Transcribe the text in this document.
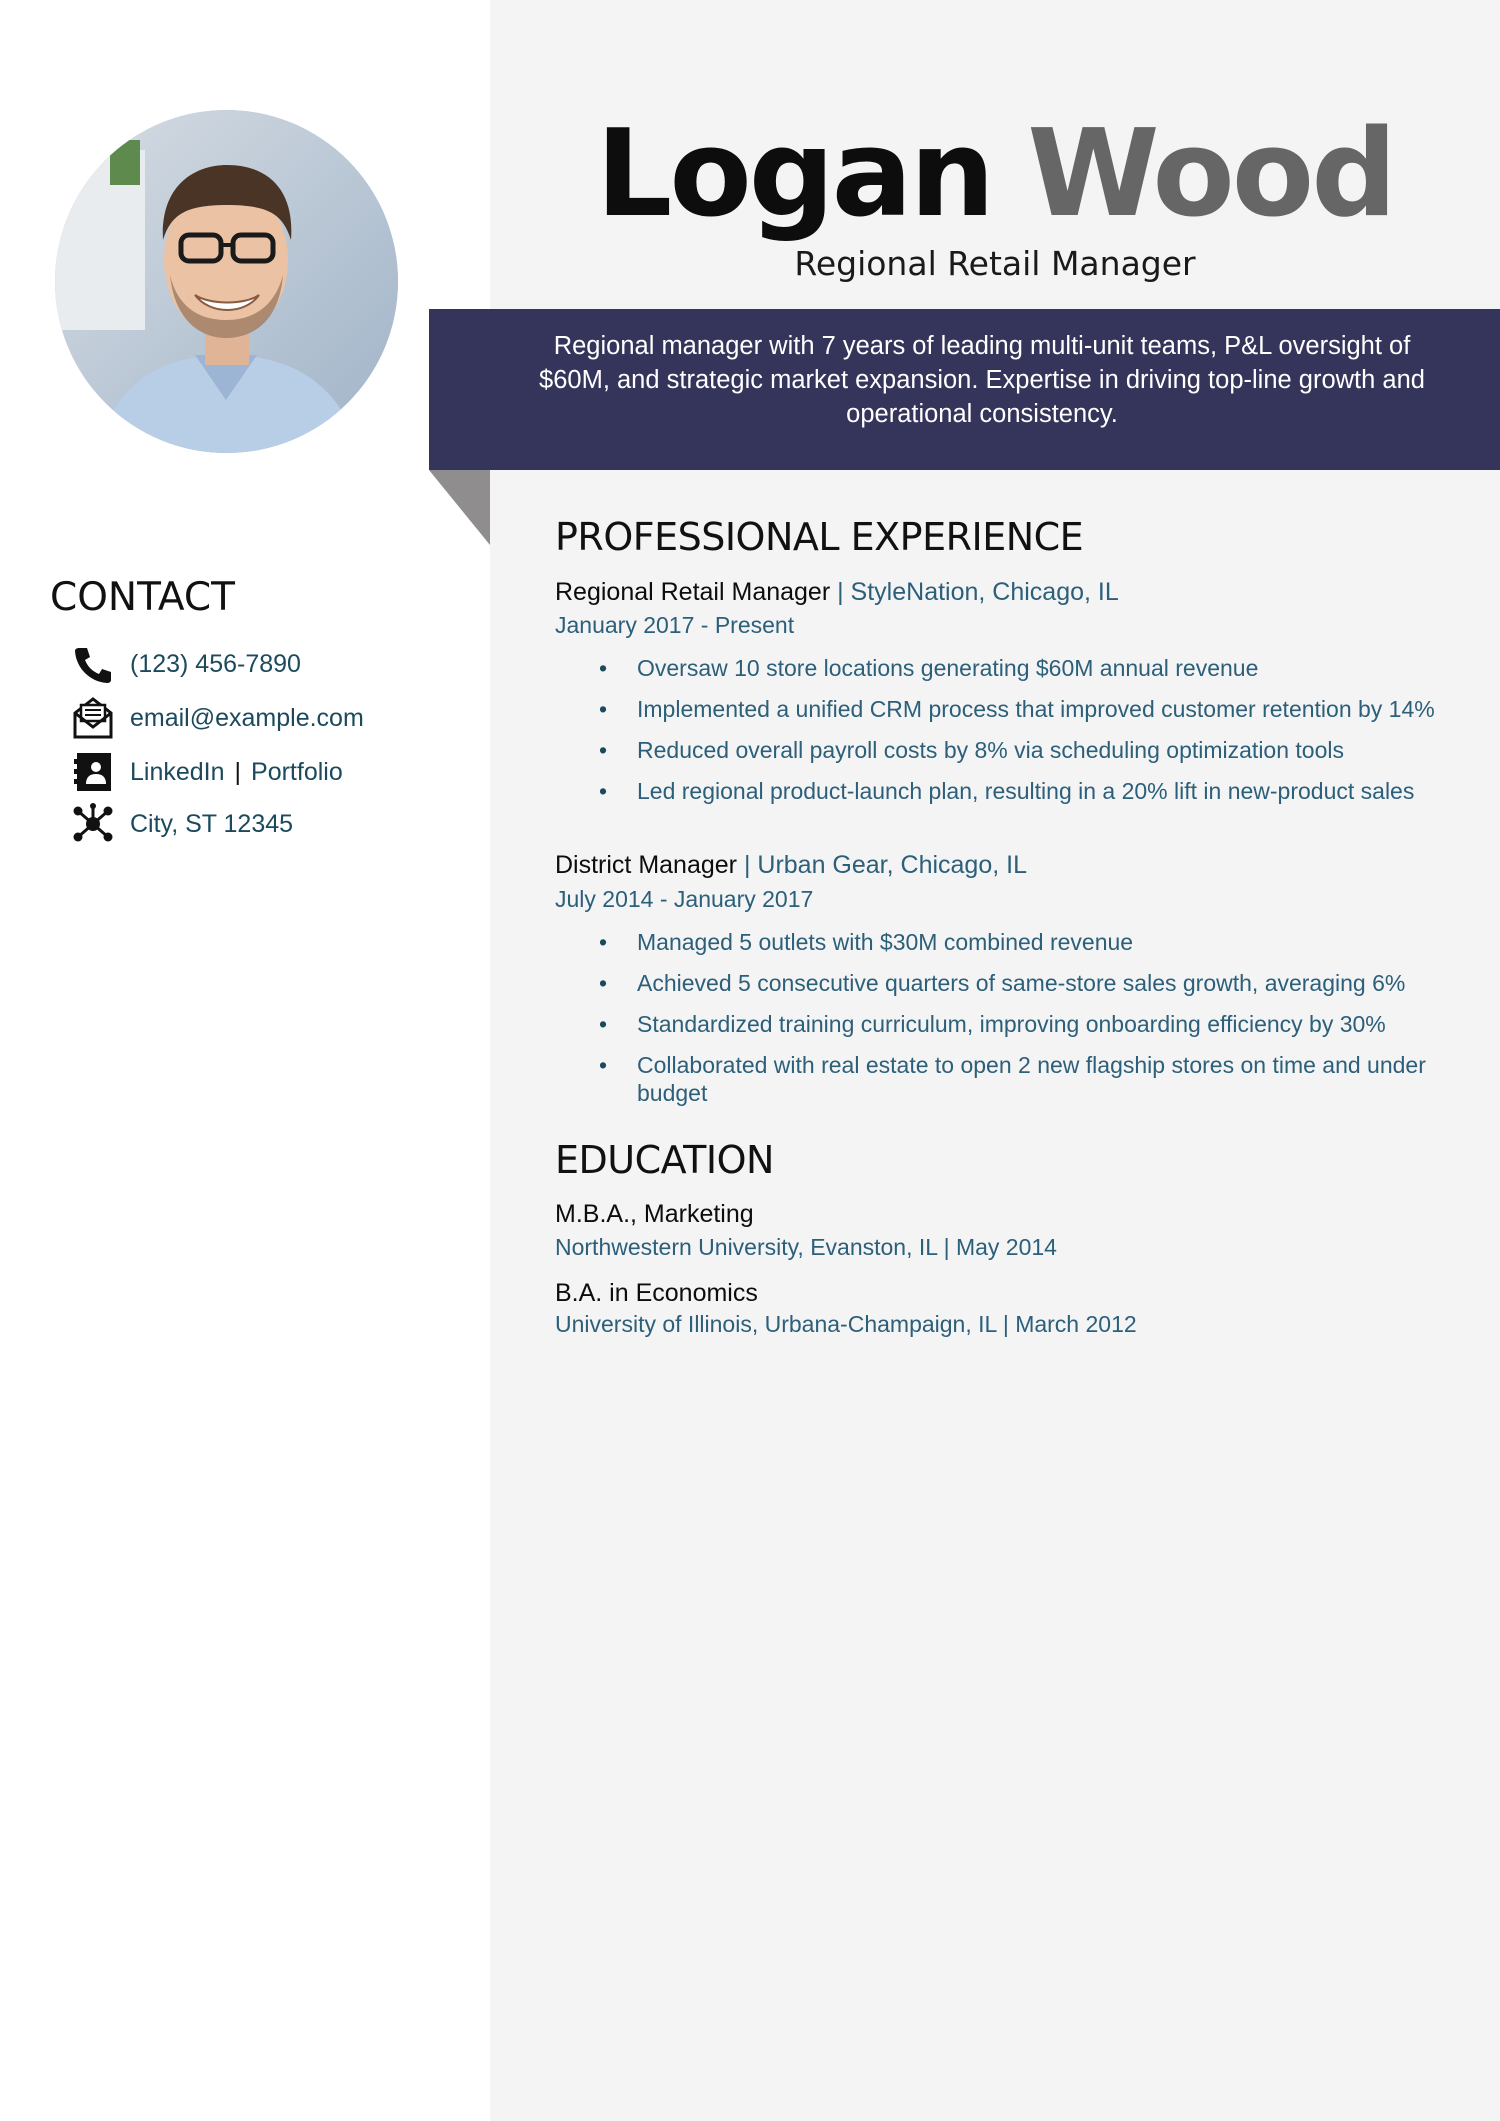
Logan Wood
Regional Retail Manager
Regional manager with 7 years of leading multi-unit teams, P&L oversight of $60M, and strategic market expansion. Expertise in driving top-line growth and operational consistency.
CONTACT
(123) 456-7890
email@example.com
LinkedIn | Portfolio
City, ST 12345
PROFESSIONAL EXPERIENCE
Regional Retail Manager | StyleNation, Chicago, IL
January 2017 - Present
• Oversaw 10 store locations generating $60M annual revenue
• Implemented a unified CRM process that improved customer retention by 14%
• Reduced overall payroll costs by 8% via scheduling optimization tools
• Led regional product-launch plan, resulting in a 20% lift in new-product sales
District Manager | Urban Gear, Chicago, IL
July 2014 - January 2017
• Managed 5 outlets with $30M combined revenue
• Achieved 5 consecutive quarters of same-store sales growth, averaging 6%
• Standardized training curriculum, improving onboarding efficiency by 30%
• Collaborated with real estate to open 2 new flagship stores on time and under budget
EDUCATION
M.B.A., Marketing
Northwestern University, Evanston, IL | May 2014
B.A. in Economics
University of Illinois, Urbana-Champaign, IL | March 2012
